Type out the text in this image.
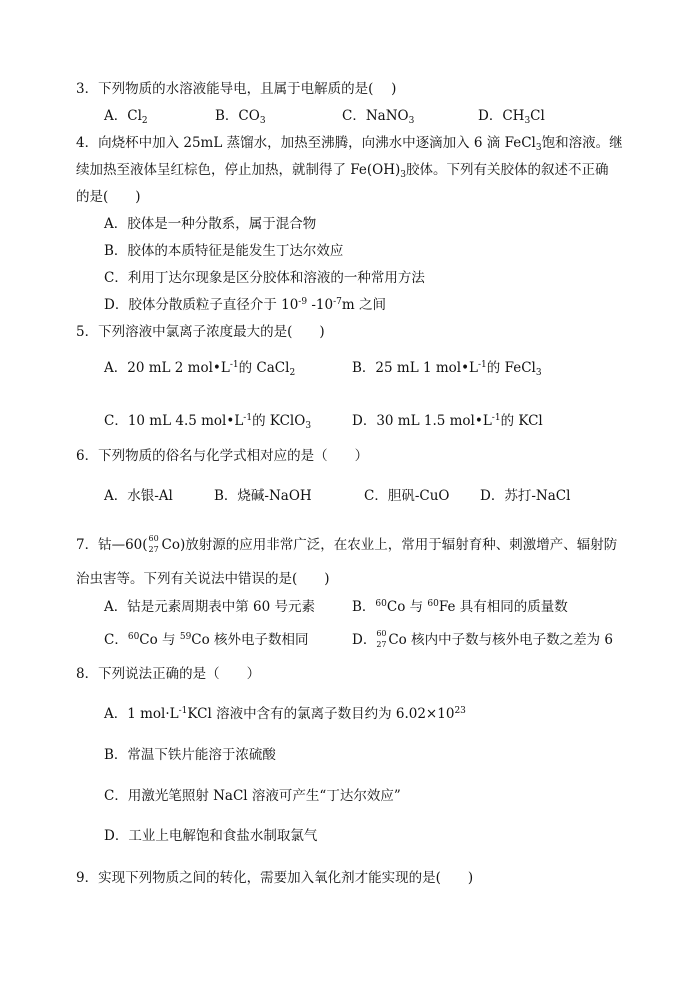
3．下列物质的水溶液能导电，且属于电解质的是(　 )
A．$Cl_2$	B．$CO_3$	C．NaNO$_3$	D．$CH_3Cl$
4．向烧杯中加入 25mL 蒸馏水，加热至沸腾，向沸水中逐滴加入 6 滴 FeCl$_3$饱和溶液。继
续加热至液体呈红棕色，停止加热，就制得了 $Fe(OH)_3$胶体。下列有关胶体的叙述不正确
的是(　　)
A．胶体是一种分散系，属于混合物
B．胶体的本质特征是能发生丁达尔效应
C．利用丁达尔现象是区分胶体和溶液的一种常用方法
D．胶体分散质粒子直径介于 $10^{-9}$ $-10^{-7}m$ 之间
5．下列溶液中氯离子浓度最大的是(　　)
A．20 mL 2 $mol•L^{-1}$的 CaCl$_2$	B．25 mL 1 $mol•L^{-1}$的 FeCl$_3$
C．10 mL 4.5 $mol•L^{-1}$的 KClO$_3$	D．30 mL 1.5 $mol•L^{-1}$的 KCl
6．下列物质的俗名与化学式相对应的是（　　）
A．水银-Al	B．烧碱-NaOH	C．胆矾-CuO D．苏打-NaCl
7．钴—60( 60
27 Co)放射源的应用非常广泛，在农业上，常用于辐射育种、刺激增产、辐射防
治虫害等。下列有关说法中错误的是(　　)
A．钴是元素周期表中第 60 号元素	B．$^{60}$Co 与 $^{60}$Fe 具有相同的质量数
C．$^{60}$Co 与 $^{59}$Co 核外电子数相同	D． 60
27 Co 核内中子数与核外电子数之差为 6
8．下列说法正确的是（　　）
A．1 $mol\cdot L^{-1}KCl$ 溶液中含有的氯离子数目约为 $6.02\times 10^{23}$
B．常温下铁片能溶于浓硫酸
C．用激光笔照射 NaCl 溶液可产生“丁达尔效应”
D．工业上电解饱和食盐水制取氯气
9．实现下列物质之间的转化，需要加入氧化剂才能实现的是(　　)
